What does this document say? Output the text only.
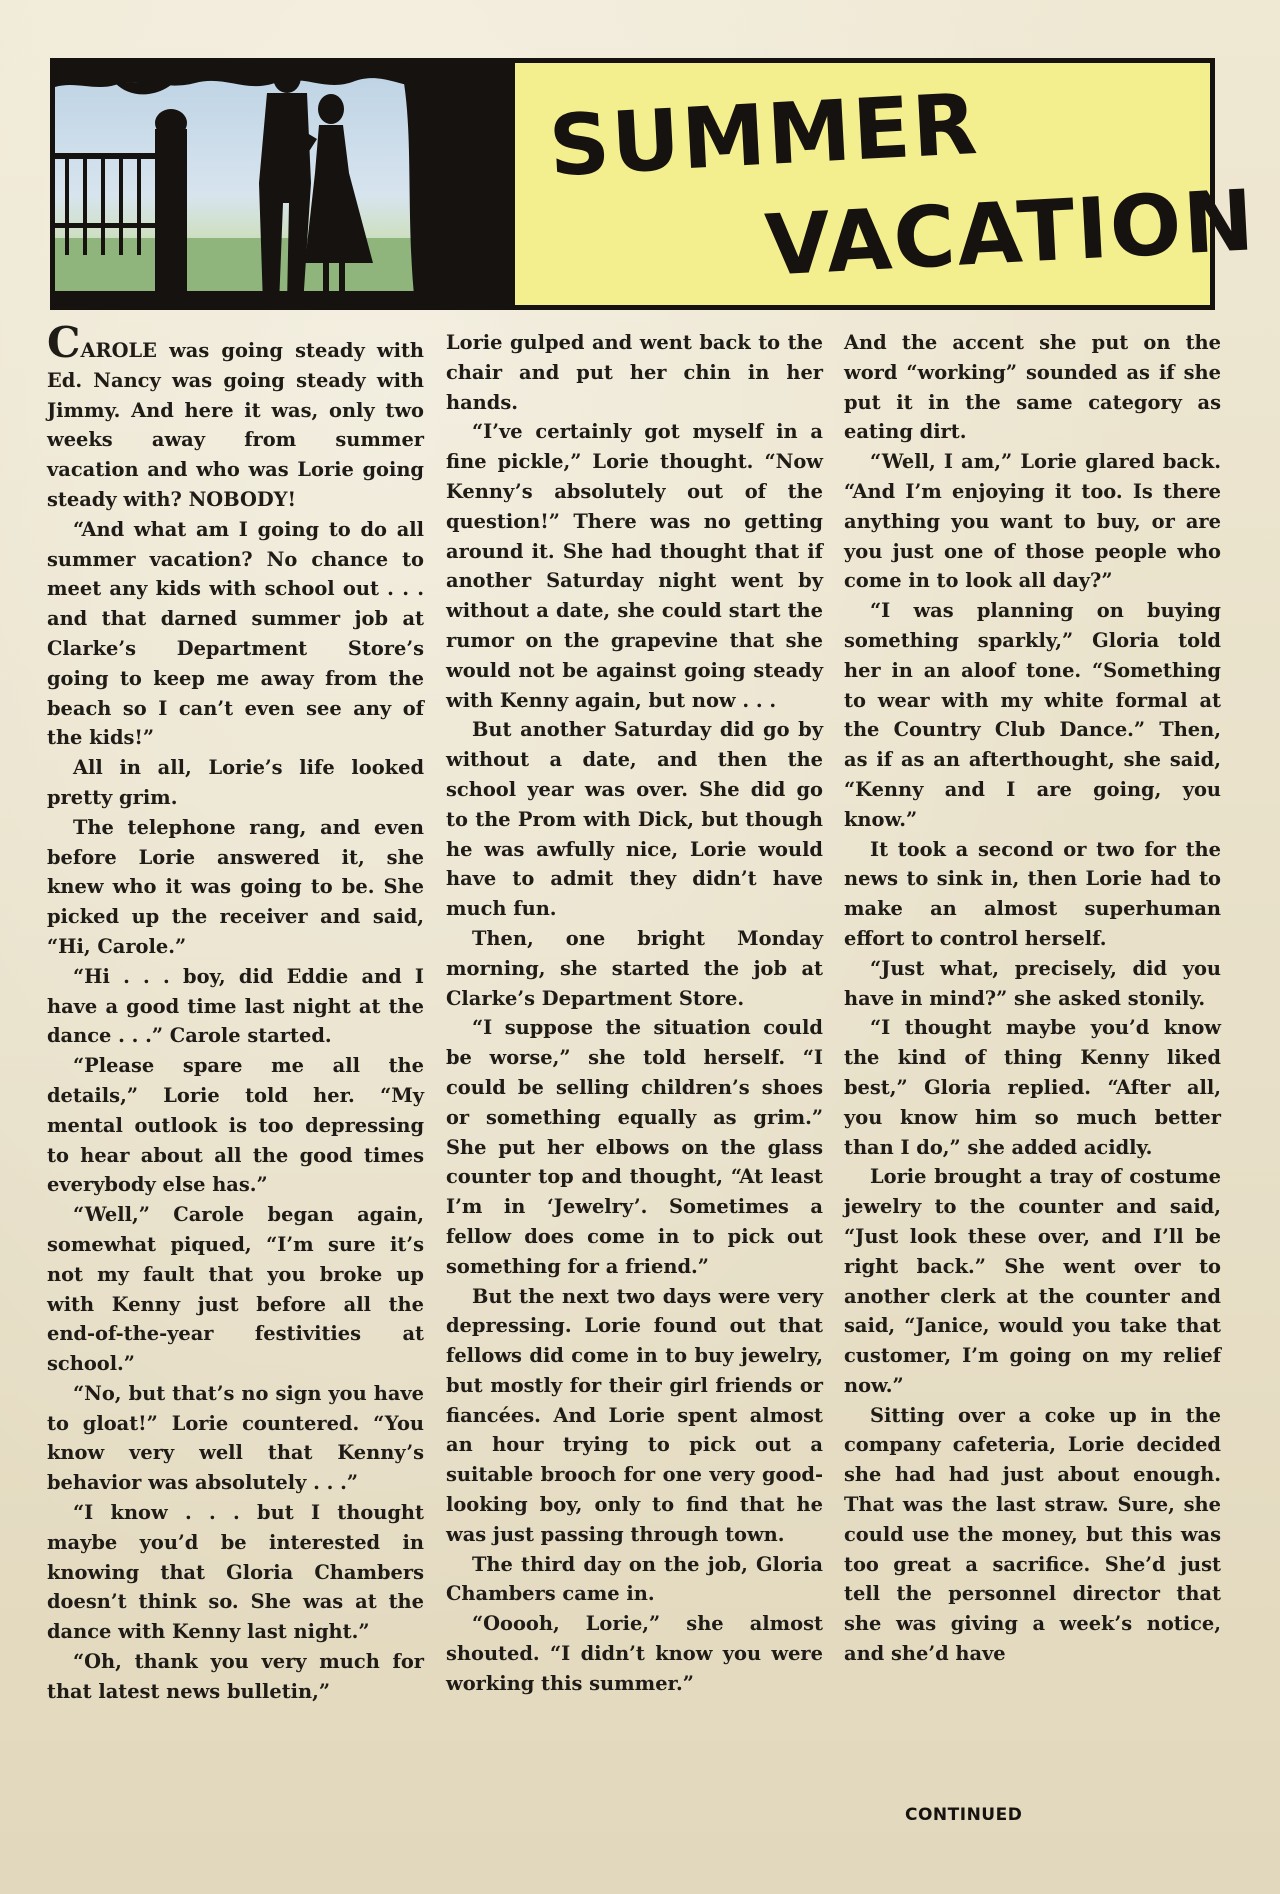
SUMMER
VACATION

CAROLE was going steady with Ed. Nancy was going steady with Jimmy. And here it was, only two weeks away from summer vacation and who was Lorie going steady with? NOBODY!

“And what am I going to do all summer vacation? No chance to meet any kids with school out . . . and that darned summer job at Clarke’s Department Store’s going to keep me away from the beach so I can’t even see any of the kids!”

All in all, Lorie’s life looked pretty grim.

The telephone rang, and even before Lorie answered it, she knew who it was going to be. She picked up the receiver and said, “Hi, Carole.”

“Hi . . . boy, did Eddie and I have a good time last night at the dance . . .” Carole started.

“Please spare me all the details,” Lorie told her. “My mental outlook is too depressing to hear about all the good times everybody else has.”

“Well,” Carole began again, somewhat piqued, “I’m sure it’s not my fault that you broke up with Kenny just before all the end-of-the-year festivities at school.”

“No, but that’s no sign you have to gloat!” Lorie countered. “You know very well that Kenny’s behavior was absolutely . . .”

“I know . . . but I thought maybe you’d be interested in knowing that Gloria Chambers doesn’t think so. She was at the dance with Kenny last night.”

“Oh, thank you very much for that latest news bulletin,”

Lorie gulped and went back to the chair and put her chin in her hands.

“I’ve certainly got myself in a fine pickle,” Lorie thought. “Now Kenny’s absolutely out of the question!” There was no getting around it. She had thought that if another Saturday night went by without a date, she could start the rumor on the grapevine that she would not be against going steady with Kenny again, but now . . .

But another Saturday did go by without a date, and then the school year was over. She did go to the Prom with Dick, but though he was awfully nice, Lorie would have to admit they didn’t have much fun.

Then, one bright Monday morning, she started the job at Clarke’s Department Store.

“I suppose the situation could be worse,” she told herself. “I could be selling children’s shoes or something equally as grim.” She put her elbows on the glass counter top and thought, “At least I’m in ‘Jewelry’. Sometimes a fellow does come in to pick out something for a friend.”

But the next two days were very depressing. Lorie found out that fellows did come in to buy jewelry, but mostly for their girl friends or fiancées. And Lorie spent almost an hour trying to pick out a suitable brooch for one very good-looking boy, only to find that he was just passing through town.

The third day on the job, Gloria Chambers came in.

“Ooooh, Lorie,” she almost shouted. “I didn’t know you were working this summer.”

And the accent she put on the word “working” sounded as if she put it in the same category as eating dirt.

“Well, I am,” Lorie glared back. “And I’m enjoying it too. Is there anything you want to buy, or are you just one of those people who come in to look all day?”

“I was planning on buying something sparkly,” Gloria told her in an aloof tone. “Something to wear with my white formal at the Country Club Dance.” Then, as if as an afterthought, she said, “Kenny and I are going, you know.”

It took a second or two for the news to sink in, then Lorie had to make an almost superhuman effort to control herself.

“Just what, precisely, did you have in mind?” she asked stonily.

“I thought maybe you’d know the kind of thing Kenny liked best,” Gloria replied. “After all, you know him so much better than I do,” she added acidly.

Lorie brought a tray of costume jewelry to the counter and said, “Just look these over, and I’ll be right back.” She went over to another clerk at the counter and said, “Janice, would you take that customer, I’m going on my relief now.”

Sitting over a coke up in the company cafeteria, Lorie decided she had had just about enough. That was the last straw. Sure, she could use the money, but this was too great a sacrifice. She’d just tell the personnel director that she was giving a week’s notice, and she’d have

CONTINUED
